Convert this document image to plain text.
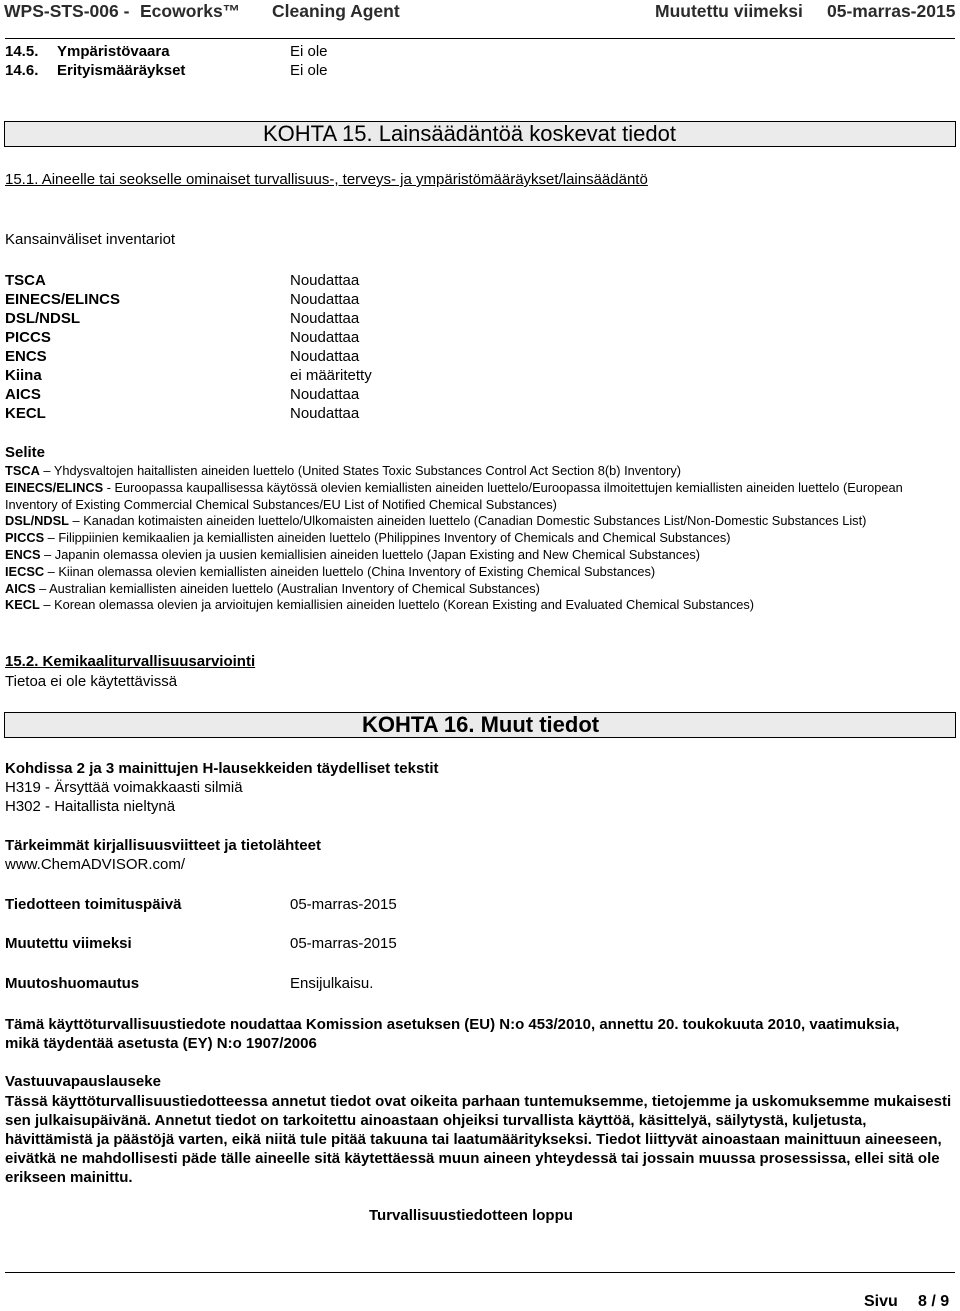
WPS-STS-006 - Ecoworks™ Cleaning Agent	Muutettu viimeksi 05-marras-2015
14.5. Ympäristövaara	Ei ole
14.6. Erityismääräykset	Ei ole
KOHTA 15. Lainsäädäntöä koskevat tiedot
15.1. Aineelle tai seokselle ominaiset turvallisuus-, terveys- ja ympäristömääräykset/lainsäädäntö
Kansainväliset inventariot
TSCA	Noudattaa
EINECS/ELINCS	Noudattaa
DSL/NDSL	Noudattaa
PICCS	Noudattaa
ENCS	Noudattaa
Kiina	ei määritetty
AICS	Noudattaa
KECL	Noudattaa
Selite
TSCA – Yhdysvaltojen haitallisten aineiden luettelo (United States Toxic Substances Control Act Section 8(b) Inventory)
EINECS/ELINCS - Euroopassa kaupallisessa käytössä olevien kemiallisten aineiden luettelo/Euroopassa ilmoitettujen kemiallisten aineiden luettelo (European Inventory of Existing Commercial Chemical Substances/EU List of Notified Chemical Substances)
DSL/NDSL – Kanadan kotimaisten aineiden luettelo/Ulkomaisten aineiden luettelo (Canadian Domestic Substances List/Non-Domestic Substances List)
PICCS – Filippiinien kemikaalien ja kemiallisten aineiden luettelo (Philippines Inventory of Chemicals and Chemical Substances)
ENCS – Japanin olemassa olevien ja uusien kemiallisien aineiden luettelo (Japan Existing and New Chemical Substances)
IECSC – Kiinan olemassa olevien kemiallisten aineiden luettelo (China Inventory of Existing Chemical Substances)
AICS – Australian kemiallisten aineiden luettelo (Australian Inventory of Chemical Substances)
KECL – Korean olemassa olevien ja arvioitujen kemiallisien aineiden luettelo (Korean Existing and Evaluated Chemical Substances)
15.2. Kemikaaliturvallisuusarviointi
Tietoa ei ole käytettävissä
KOHTA 16. Muut tiedot
Kohdissa 2 ja 3 mainittujen H-lausekkeiden täydelliset tekstit
H319 - Ärsyttää voimakkaasti silmiä
H302 - Haitallista nieltynä
Tärkeimmät kirjallisuusviitteet ja tietolähteet
www.ChemADVISOR.com/
Tiedotteen toimituspäivä	05-marras-2015
Muutettu viimeksi	05-marras-2015
Muutoshuomautus	Ensijulkaisu.
Tämä käyttöturvallisuustiedote noudattaa Komission asetuksen (EU) N:o 453/2010, annettu 20. toukokuuta 2010, vaatimuksia, mikä täydentää asetusta (EY) N:o 1907/2006
Vastuuvapauslauseke
Tässä käyttöturvallisuustiedotteessa annetut tiedot ovat oikeita parhaan tuntemuksemme, tietojemme ja uskomuksemme mukaisesti sen julkaisupäivänä. Annetut tiedot on tarkoitettu ainoastaan ohjeiksi turvallista käyttöä, käsittelyä, säilytystä, kuljetusta, hävittämistä ja päästöjä varten, eikä niitä tule pitää takuuna tai laatumääritykseksi. Tiedot liittyvät ainoastaan mainittuun aineeseen, eivätkä ne mahdollisesti päde tälle aineelle sitä käytettäessä muun aineen yhteydessä tai jossain muussa prosessissa, ellei sitä ole erikseen mainittu.
Turvallisuustiedotteen loppu
Sivu 8 / 9
